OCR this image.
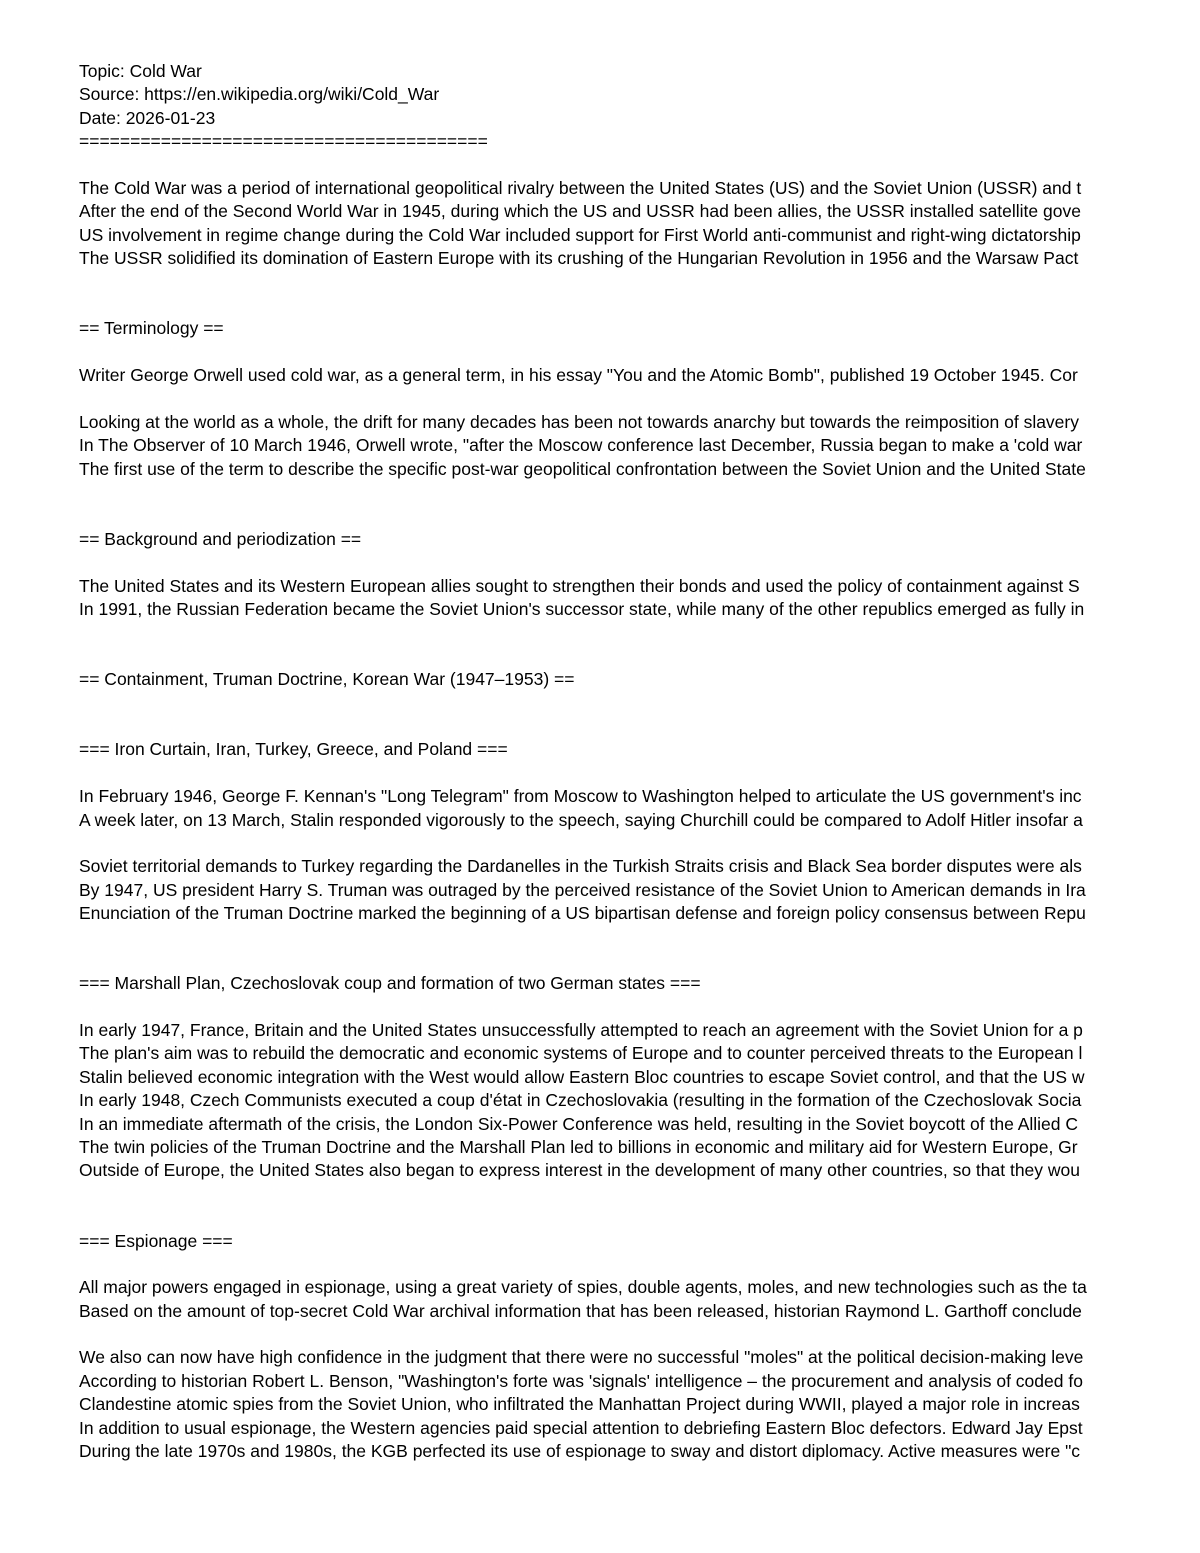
Topic: Cold War
Source: https://en.wikipedia.org/wiki/Cold_War
Date: 2026-01-23
========================================
The Cold War was a period of international geopolitical rivalry between the United States (US) and the Soviet Union (USSR) and t
After the end of the Second World War in 1945, during which the US and USSR had been allies, the USSR installed satellite gove
US involvement in regime change during the Cold War included support for First World anti-communist and right-wing dictatorship
The USSR solidified its domination of Eastern Europe with its crushing of the Hungarian Revolution in 1956 and the Warsaw Pact
== Terminology ==
Writer George Orwell used cold war, as a general term, in his essay "You and the Atomic Bomb", published 19 October 1945. Cor
Looking at the world as a whole, the drift for many decades has been not towards anarchy but towards the reimposition of slavery
In The Observer of 10 March 1946, Orwell wrote, "after the Moscow conference last December, Russia began to make a 'cold war
The first use of the term to describe the specific post-war geopolitical confrontation between the Soviet Union and the United State
== Background and periodization ==
The United States and its Western European allies sought to strengthen their bonds and used the policy of containment against S
In 1991, the Russian Federation became the Soviet Union's successor state, while many of the other republics emerged as fully in
== Containment, Truman Doctrine, Korean War (1947–1953) ==
=== Iron Curtain, Iran, Turkey, Greece, and Poland ===
In February 1946, George F. Kennan's "Long Telegram" from Moscow to Washington helped to articulate the US government's inc
A week later, on 13 March, Stalin responded vigorously to the speech, saying Churchill could be compared to Adolf Hitler insofar a
Soviet territorial demands to Turkey regarding the Dardanelles in the Turkish Straits crisis and Black Sea border disputes were als
By 1947, US president Harry S. Truman was outraged by the perceived resistance of the Soviet Union to American demands in Ira
Enunciation of the Truman Doctrine marked the beginning of a US bipartisan defense and foreign policy consensus between Repu
=== Marshall Plan, Czechoslovak coup and formation of two German states ===
In early 1947, France, Britain and the United States unsuccessfully attempted to reach an agreement with the Soviet Union for a p
The plan's aim was to rebuild the democratic and economic systems of Europe and to counter perceived threats to the European l
Stalin believed economic integration with the West would allow Eastern Bloc countries to escape Soviet control, and that the US w
In early 1948, Czech Communists executed a coup d'état in Czechoslovakia (resulting in the formation of the Czechoslovak Socia
In an immediate aftermath of the crisis, the London Six-Power Conference was held, resulting in the Soviet boycott of the Allied C
The twin policies of the Truman Doctrine and the Marshall Plan led to billions in economic and military aid for Western Europe, Gr
Outside of Europe, the United States also began to express interest in the development of many other countries, so that they wou
=== Espionage ===
All major powers engaged in espionage, using a great variety of spies, double agents, moles, and new technologies such as the ta
Based on the amount of top-secret Cold War archival information that has been released, historian Raymond L. Garthoff conclude
We also can now have high confidence in the judgment that there were no successful "moles" at the political decision-making leve
According to historian Robert L. Benson, "Washington's forte was 'signals' intelligence – the procurement and analysis of coded fo
Clandestine atomic spies from the Soviet Union, who infiltrated the Manhattan Project during WWII, played a major role in increas
In addition to usual espionage, the Western agencies paid special attention to debriefing Eastern Bloc defectors. Edward Jay Epst
During the late 1970s and 1980s, the KGB perfected its use of espionage to sway and distort diplomacy. Active measures were "c
